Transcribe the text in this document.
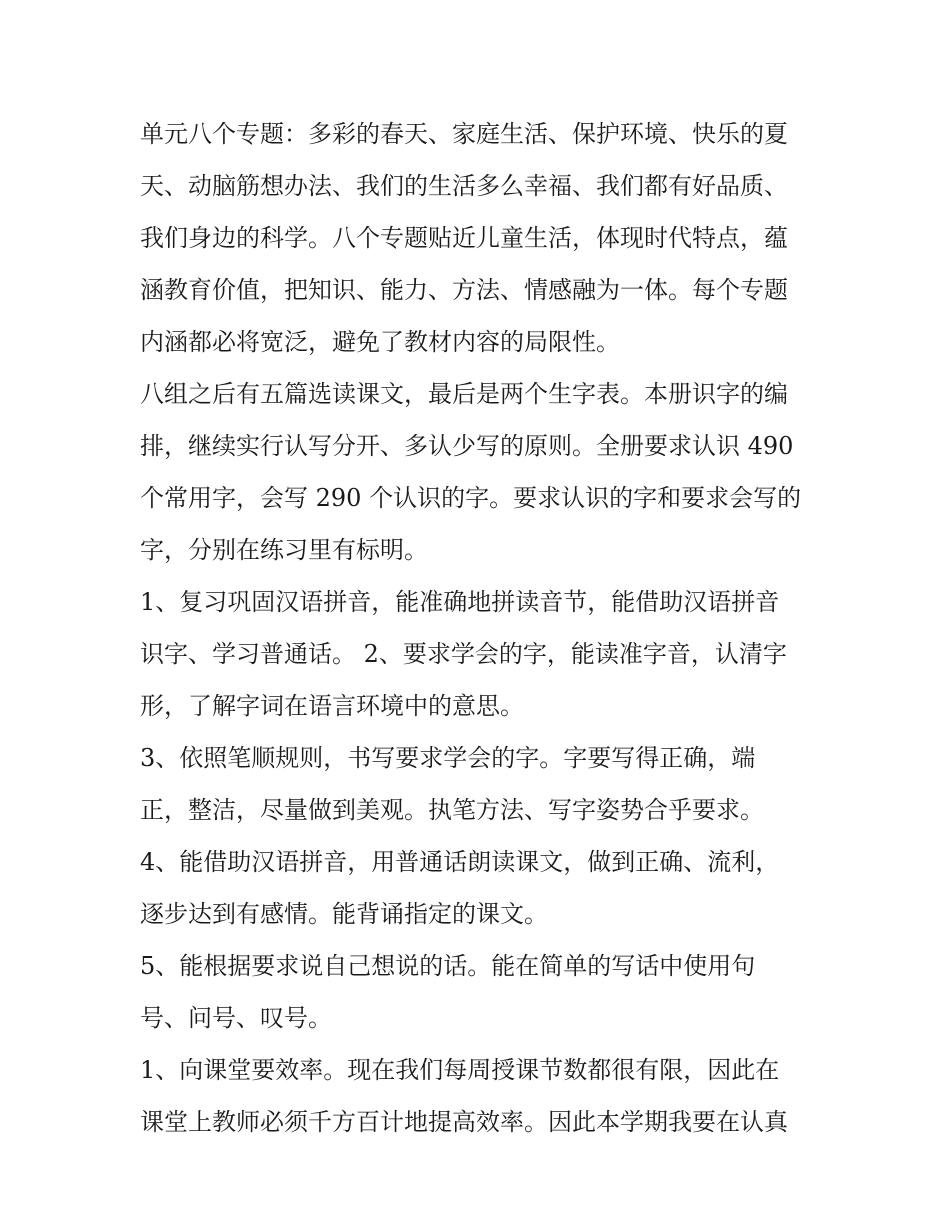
单元八个专题：多彩的春天、家庭生活、保护环境、快乐的夏
天、动脑筋想办法、我们的生活多么幸福、我们都有好品质、
我们身边的科学。八个专题贴近儿童生活，体现时代特点，蕴
涵教育价值，把知识、能力、方法、情感融为一体。每个专题
内涵都必将宽泛，避免了教材内容的局限性。
八组之后有五篇选读课文，最后是两个生字表。本册识字的编
排，继续实行认写分开、多认少写的原则。全册要求认识 490
个常用字，会写 290 个认识的字。要求认识的字和要求会写的
字，分别在练习里有标明。
1、复习巩固汉语拼音，能准确地拼读音节，能借助汉语拼音
识字、学习普通话。 2、要求学会的字，能读准字音，认清字
形，了解字词在语言环境中的意思。
3、依照笔顺规则，书写要求学会的字。字要写得正确，端
正，整洁，尽量做到美观。执笔方法、写字姿势合乎要求。
4、能借助汉语拼音，用普通话朗读课文，做到正确、流利，
逐步达到有感情。能背诵指定的课文。
5、能根据要求说自己想说的话。能在简单的写话中使用句
号、问号、叹号。
1、向课堂要效率。现在我们每周授课节数都很有限，因此在
课堂上教师必须千方百计地提高效率。因此本学期我要在认真
